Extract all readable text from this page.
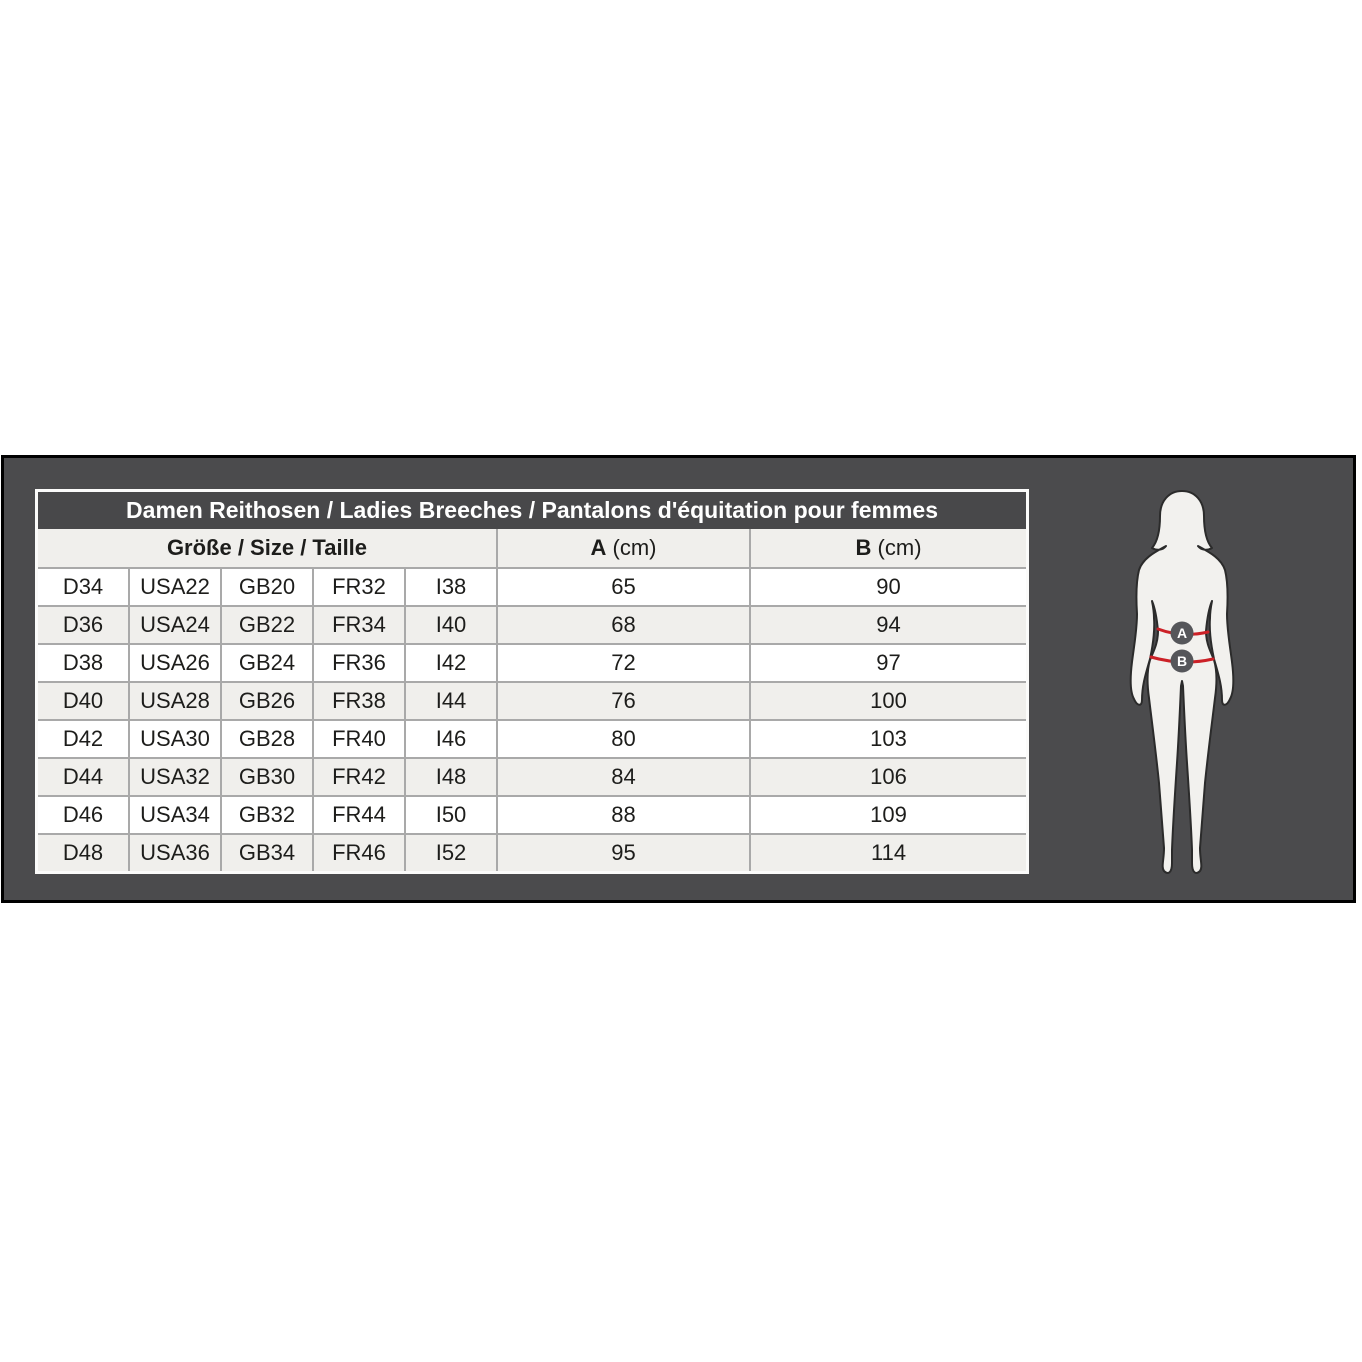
Damen Reithosen / Ladies Breeches / Pantalons d'équitation pour femmes						
Größe / Size / Taille					A (cm)	B (cm)
D34	USA22	GB20	FR32	I38	65	90
D36	USA24	GB22	FR34	I40	68	94
D38	USA26	GB24	FR36	I42	72	97
D40	USA28	GB26	FR38	I44	76	100
D42	USA30	GB28	FR40	I46	80	103
D44	USA32	GB30	FR42	I48	84	106
D46	USA34	GB32	FR44	I50	88	109
D48	USA36	GB34	FR46	I52	95	114
A
B
